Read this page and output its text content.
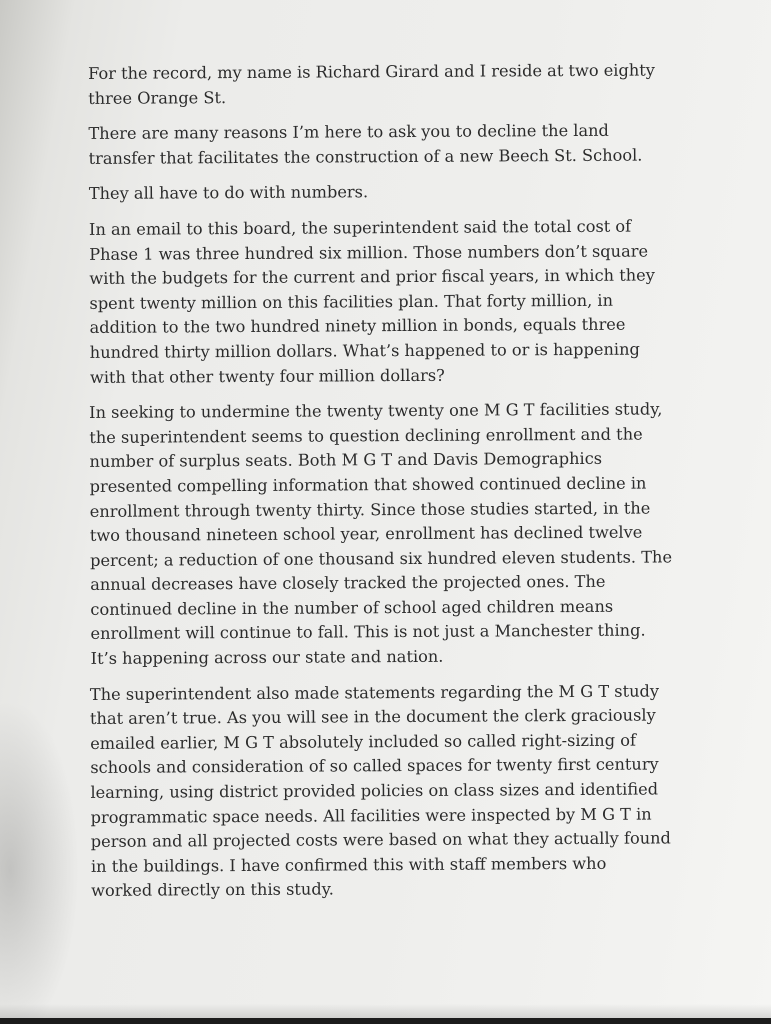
For the record, my name is Richard Girard and I reside at two eighty
three Orange St.

There are many reasons I’m here to ask you to decline the land
transfer that facilitates the construction of a new Beech St. School.

They all have to do with numbers.

In an email to this board, the superintendent said the total cost of
Phase 1 was three hundred six million. Those numbers don’t square
with the budgets for the current and prior fiscal years, in which they
spent twenty million on this facilities plan. That forty million, in
addition to the two hundred ninety million in bonds, equals three
hundred thirty million dollars. What’s happened to or is happening
with that other twenty four million dollars?

In seeking to undermine the twenty twenty one M G T facilities study,
the superintendent seems to question declining enrollment and the
number of surplus seats. Both M G T and Davis Demographics
presented compelling information that showed continued decline in
enrollment through twenty thirty. Since those studies started, in the
two thousand nineteen school year, enrollment has declined twelve
percent; a reduction of one thousand six hundred eleven students. The
annual decreases have closely tracked the projected ones. The
continued decline in the number of school aged children means
enrollment will continue to fall. This is not just a Manchester thing.
It’s happening across our state and nation.

The superintendent also made statements regarding the M G T study
that aren’t true. As you will see in the document the clerk graciously
emailed earlier, M G T absolutely included so called right-sizing of
schools and consideration of so called spaces for twenty first century
learning, using district provided policies on class sizes and identified
programmatic space needs. All facilities were inspected by M G T in
person and all projected costs were based on what they actually found
in the buildings. I have confirmed this with staff members who
worked directly on this study.
